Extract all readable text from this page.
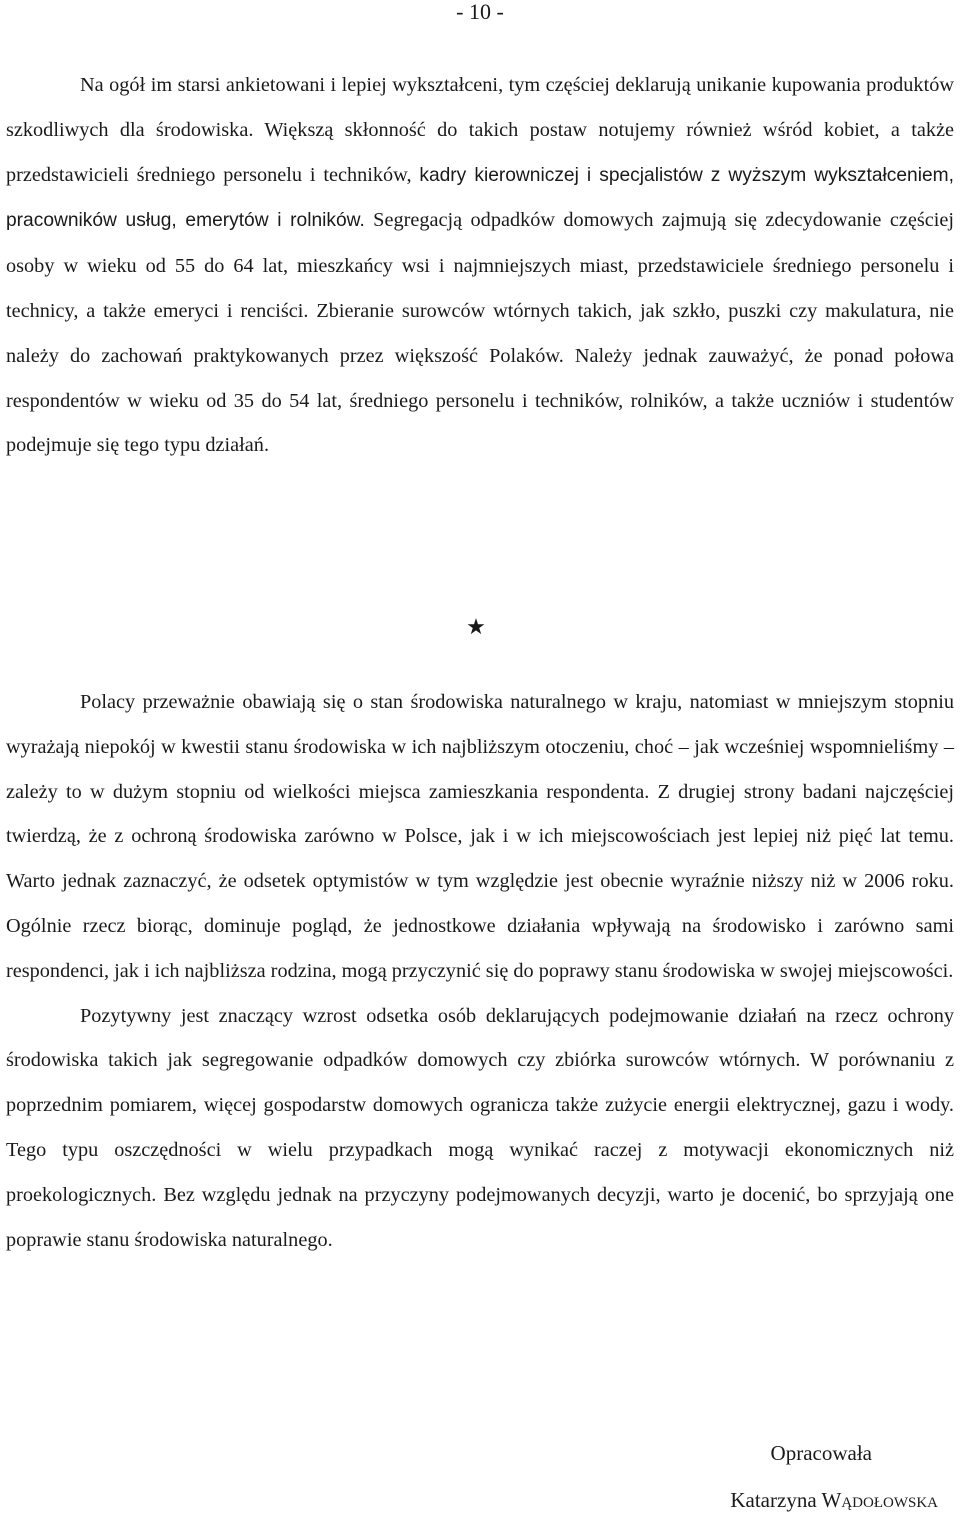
- 10 -

Na ogół im starsi ankietowani i lepiej wykształceni, tym częściej deklarują unikanie kupowania produktów szkodliwych dla środowiska. Większą skłonność do takich postaw notujemy również wśród kobiet, a także przedstawicieli średniego personelu i techników, kadry kierowniczej i specjalistów z wyższym wykształceniem, pracowników usług, emerytów i rolników. Segregacją odpadków domowych zajmują się zdecydowanie częściej osoby w wieku od 55 do 64 lat, mieszkańcy wsi i najmniejszych miast, przedstawiciele średniego personelu i technicy, a także emeryci i renciści. Zbieranie surowców wtórnych takich, jak szkło, puszki czy makulatura, nie należy do zachowań praktykowanych przez większość Polaków. Należy jednak zauważyć, że ponad połowa respondentów w wieku od 35 do 54 lat, średniego personelu i techników, rolników, a także uczniów i studentów podejmuje się tego typu działań.

★

Polacy przeważnie obawiają się o stan środowiska naturalnego w kraju, natomiast w mniejszym stopniu wyrażają niepokój w kwestii stanu środowiska w ich najbliższym otoczeniu, choć – jak wcześniej wspomnieliśmy – zależy to w dużym stopniu od wielkości miejsca zamieszkania respondenta. Z drugiej strony badani najczęściej twierdzą, że z ochroną środowiska zarówno w Polsce, jak i w ich miejscowościach jest lepiej niż pięć lat temu. Warto jednak zaznaczyć, że odsetek optymistów w tym względzie jest obecnie wyraźnie niższy niż w 2006 roku. Ogólnie rzecz biorąc, dominuje pogląd, że jednostkowe działania wpływają na środowisko i zarówno sami respondenci, jak i ich najbliższa rodzina, mogą przyczynić się do poprawy stanu środowiska w swojej miejscowości.

Pozytywny jest znaczący wzrost odsetka osób deklarujących podejmowanie działań na rzecz ochrony środowiska takich jak segregowanie odpadków domowych czy zbiórka surowców wtórnych. W porównaniu z poprzednim pomiarem, więcej gospodarstw domowych ogranicza także zużycie energii elektrycznej, gazu i wody. Tego typu oszczędności w wielu przypadkach mogą wynikać raczej z motywacji ekonomicznych niż proekologicznych. Bez względu jednak na przyczyny podejmowanych decyzji, warto je docenić, bo sprzyjają one poprawie stanu środowiska naturalnego.

Opracowała
Katarzyna Wądołowska
